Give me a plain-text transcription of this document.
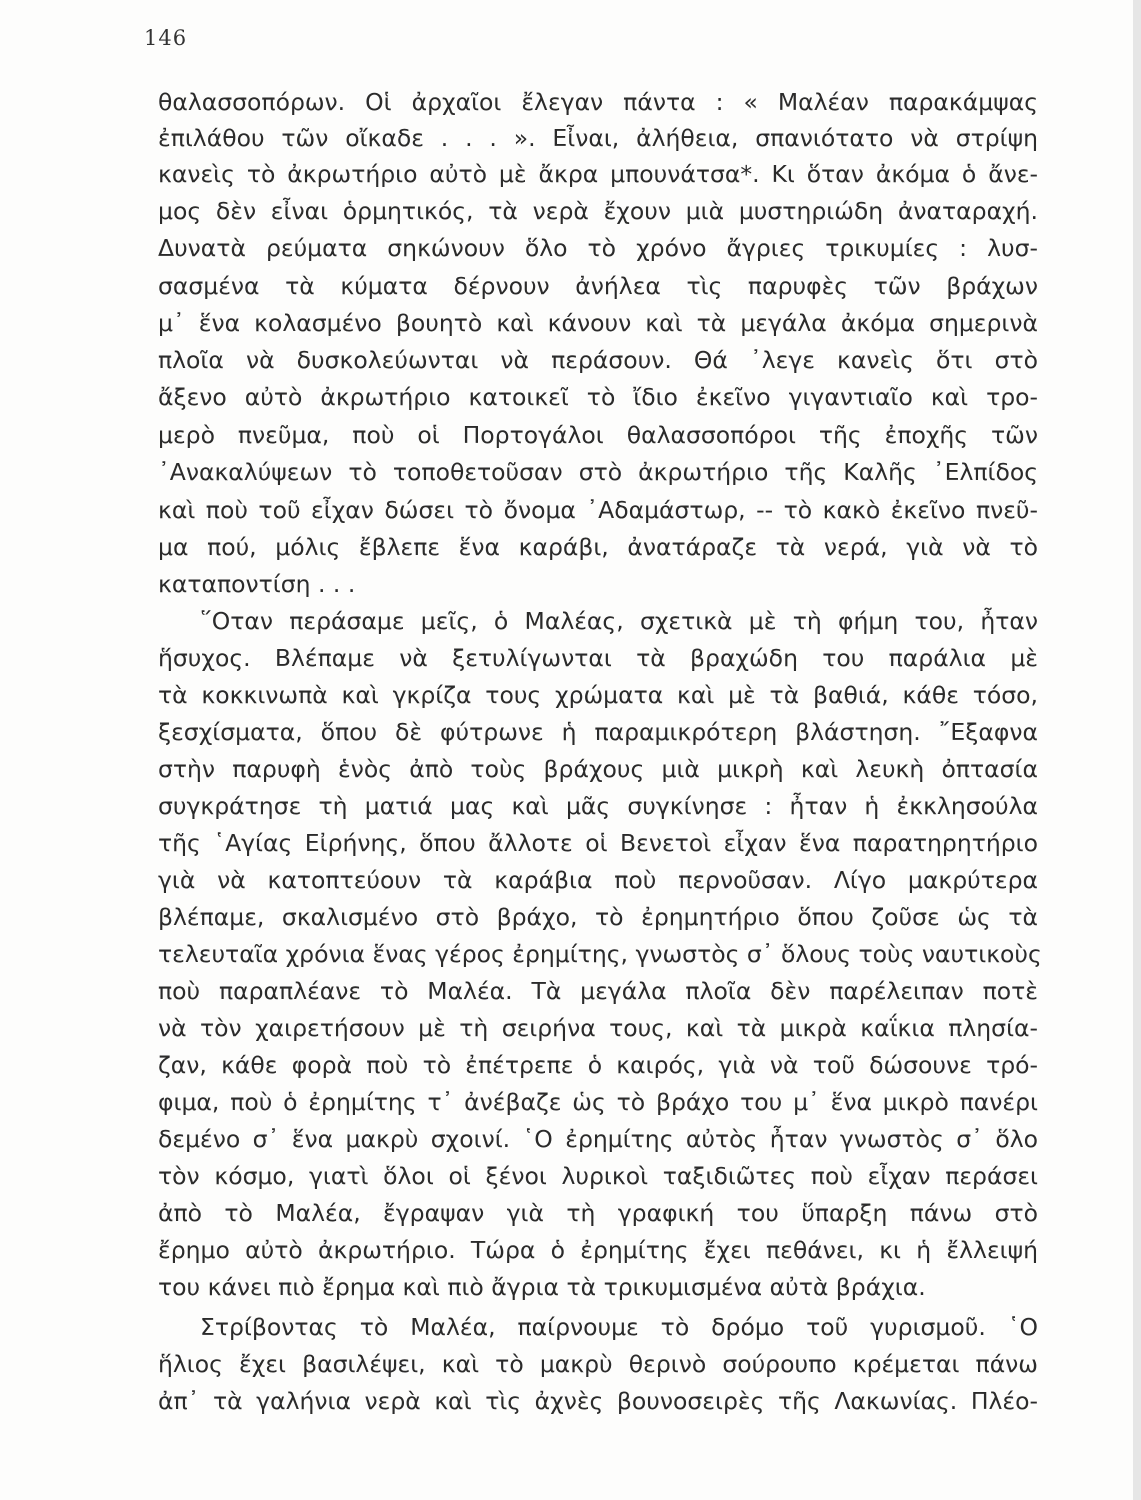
146
θαλασσοπόρων. Οἱ ἀρχαῖοι ἔλεγαν πάντα : « Μαλέαν παρακάμψας
ἐπιλάθου τῶν οἴκαδε . . . ». Εἶναι, ἀλήθεια, σπανιότατο νὰ στρίψη
κανεὶς τὸ ἀκρωτήριο αὐτὸ μὲ ἄκρα μπουνάτσα*. Κι ὅταν ἀκόμα ὁ ἄνε-
μος δὲν εἶναι ὁρμητικός, τὰ νερὰ ἔχουν μιὰ μυστηριώδη ἀναταραχή.
Δυνατὰ ρεύματα σηκώνουν ὅλο τὸ χρόνο ἄγριες τρικυμίες : λυσ-
σασμένα τὰ κύματα δέρνουν ἀνήλεα τὶς παρυφὲς τῶν βράχων
μ᾽ ἕνα κολασμένο βουητὸ καὶ κάνουν καὶ τὰ μεγάλα ἀκόμα σημερινὰ
πλοῖα νὰ δυσκολεύωνται νὰ περάσουν. Θά ᾽λεγε κανεὶς ὅτι στὸ
ἄξενο αὐτὸ ἀκρωτήριο κατοικεῖ τὸ ἴδιο ἐκεῖνο γιγαντιαῖο καὶ τρο-
μερὸ πνεῦμα, ποὺ οἱ Πορτογάλοι θαλασσοπόροι τῆς ἐποχῆς τῶν
᾽Ανακαλύψεων τὸ τοποθετοῦσαν στὸ ἀκρωτήριο τῆς Καλῆς ᾽Ελπίδος
καὶ ποὺ τοῦ εἶχαν δώσει τὸ ὄνομα ᾽Αδαμάστωρ, -- τὸ κακὸ ἐκεῖνο πνεῦ-
μα πού, μόλις ἔβλεπε ἕνα καράβι, ἀνατάραζε τὰ νερά, γιὰ νὰ τὸ
καταποντίση . . .
῞Οταν περάσαμε μεῖς, ὁ Μαλέας, σχετικὰ μὲ τὴ φήμη του, ἦταν
ἥσυχος. Βλέπαμε νὰ ξετυλίγωνται τὰ βραχώδη του παράλια μὲ
τὰ κοκκινωπὰ καὶ γκρίζα τους χρώματα καὶ μὲ τὰ βαθιά, κάθε τόσο,
ξεσχίσματα, ὅπου δὲ φύτρωνε ἡ παραμικρότερη βλάστηση. ῎Εξαφνα
στὴν παρυφὴ ἑνὸς ἀπὸ τοὺς βράχους μιὰ μικρὴ καὶ λευκὴ ὀπτασία
συγκράτησε τὴ ματιά μας καὶ μᾶς συγκίνησε : ἦταν ἡ ἐκκλησούλα
τῆς ῾Αγίας Εἰρήνης, ὅπου ἄλλοτε οἱ Βενετοὶ εἶχαν ἕνα παρατηρητήριο
γιὰ νὰ κατοπτεύουν τὰ καράβια ποὺ περνοῦσαν. Λίγο μακρύτερα
βλέπαμε, σκαλισμένο στὸ βράχο, τὸ ἐρημητήριο ὅπου ζοῦσε ὡς τὰ
τελευταῖα χρόνια ἕνας γέρος ἐρημίτης, γνωστὸς σ᾽ ὅλους τοὺς ναυτικοὺς
ποὺ παραπλέανε τὸ Μαλέα. Τὰ μεγάλα πλοῖα δὲν παρέλειπαν ποτὲ
νὰ τὸν χαιρετήσουν μὲ τὴ σειρήνα τους, καὶ τὰ μικρὰ καΐκια πλησία-
ζαν, κάθε φορὰ ποὺ τὸ ἐπέτρεπε ὁ καιρός, γιὰ νὰ τοῦ δώσουνε τρό-
φιμα, ποὺ ὁ ἐρημίτης τ᾽ ἀνέβαζε ὡς τὸ βράχο του μ᾽ ἕνα μικρὸ πανέρι
δεμένο σ᾽ ἕνα μακρὺ σχοινί. ῾Ο ἐρημίτης αὐτὸς ἦταν γνωστὸς σ᾽ ὅλο
τὸν κόσμο, γιατὶ ὅλοι οἱ ξένοι λυρικοὶ ταξιδιῶτες ποὺ εἶχαν περάσει
ἀπὸ τὸ Μαλέα, ἔγραψαν γιὰ τὴ γραφική του ὕπαρξη πάνω στὸ
ἔρημο αὐτὸ ἀκρωτήριο. Τώρα ὁ ἐρημίτης ἔχει πεθάνει, κι ἡ ἔλλειψή
του κάνει πιὸ ἔρημα καὶ πιὸ ἄγρια τὰ τρικυμισμένα αὐτὰ βράχια.
Στρίβοντας τὸ Μαλέα, παίρνουμε τὸ δρόμο τοῦ γυρισμοῦ. ῾Ο
ἥλιος ἔχει βασιλέψει, καὶ τὸ μακρὺ θερινὸ σούρουπο κρέμεται πάνω
ἀπ᾽ τὰ γαλήνια νερὰ καὶ τὶς ἀχνὲς βουνοσειρὲς τῆς Λακωνίας. Πλέο-
